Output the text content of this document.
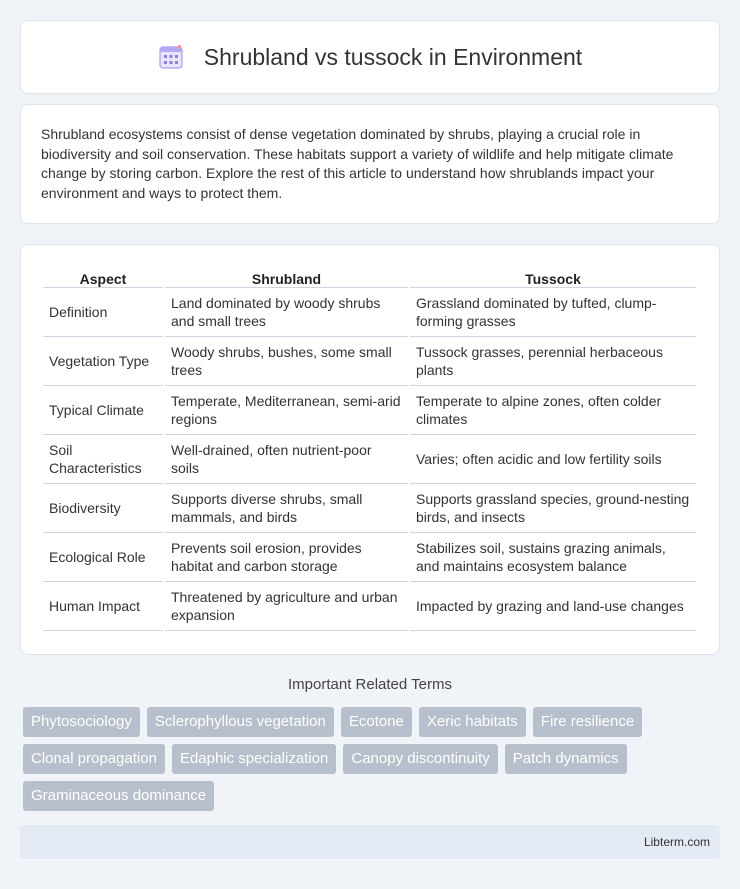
Shrubland vs tussock in Environment

Shrubland ecosystems consist of dense vegetation dominated by shrubs, playing a crucial role in biodiversity and soil conservation. These habitats support a variety of wildlife and help mitigate climate change by storing carbon. Explore the rest of this article to understand how shrublands impact your environment and ways to protect them.

Aspect	Shrubland	Tussock
Definition	Land dominated by woody shrubs and small trees	Grassland dominated by tufted, clump-forming grasses
Vegetation Type	Woody shrubs, bushes, some small trees	Tussock grasses, perennial herbaceous plants
Typical Climate	Temperate, Mediterranean, semi-arid regions	Temperate to alpine zones, often colder climates
Soil Characteristics	Well-drained, often nutrient-poor soils	Varies; often acidic and low fertility soils
Biodiversity	Supports diverse shrubs, small mammals, and birds	Supports grassland species, ground-nesting birds, and insects
Ecological Role	Prevents soil erosion, provides habitat and carbon storage	Stabilizes soil, sustains grazing animals, and maintains ecosystem balance
Human Impact	Threatened by agriculture and urban expansion	Impacted by grazing and land-use changes
Important Related Terms
Phytosociology	Sclerophyllous vegetation	Ecotone	Xeric habitats	Fire resilience
Clonal propagation	Edaphic specialization	Canopy discontinuity	Patch dynamics
Graminaceous dominance
Libterm.com
